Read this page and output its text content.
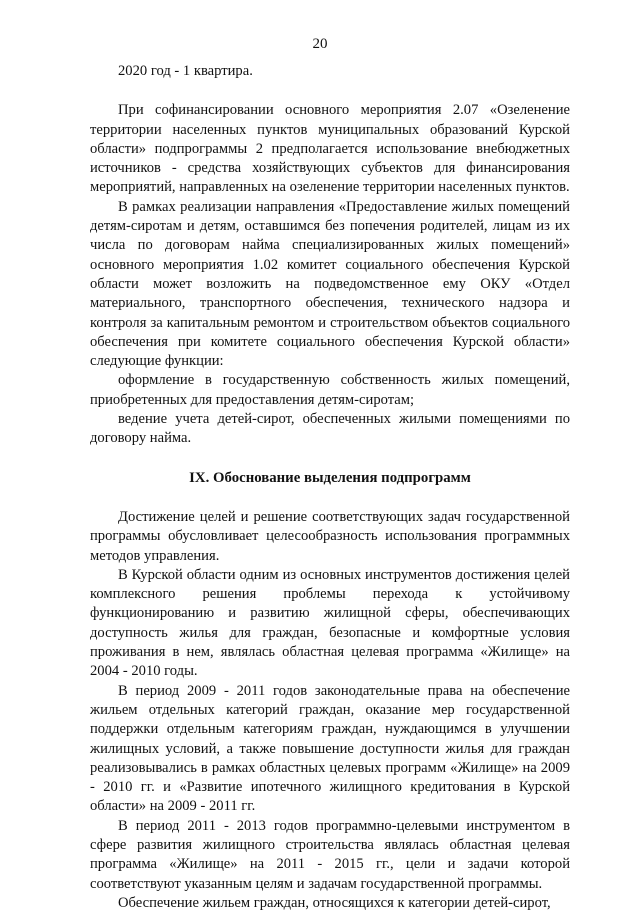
20

2020 год - 1 квартира.

При софинансировании основного мероприятия 2.07 «Озеленение территории населенных пунктов муниципальных образований Курской области» подпрограммы 2 предполагается использование внебюджетных источников - средства хозяйствующих субъектов для финансирования мероприятий, направленных на озеленение территории населенных пунктов.

В рамках реализации направления «Предоставление жилых помещений детям-сиротам и детям, оставшимся без попечения родителей, лицам из их числа по договорам найма специализированных жилых помещений» основного мероприятия 1.02 комитет социального обеспечения Курской области может возложить на подведомственное ему ОКУ «Отдел материального, транспортного обеспечения, технического надзора и контроля за капитальным ремонтом и строительством объектов социального обеспечения при комитете социального обеспечения Курской области» следующие функции:

оформление в государственную собственность жилых помещений, приобретенных для предоставления детям-сиротам;

ведение учета детей-сирот, обеспеченных жилыми помещениями по договору найма.

IX. Обоснование выделения подпрограмм

Достижение целей и решение соответствующих задач государственной программы обусловливает целесообразность использования программных методов управления.

В Курской области одним из основных инструментов достижения целей комплексного решения проблемы перехода к устойчивому функционированию и развитию жилищной сферы, обеспечивающих доступность жилья для граждан, безопасные и комфортные условия проживания в нем, являлась областная целевая программа «Жилище» на 2004 - 2010 годы.

В период 2009 - 2011 годов законодательные права на обеспечение жильем отдельных категорий граждан, оказание мер государственной поддержки отдельным категориям граждан, нуждающимся в улучшении жилищных условий, а также повышение доступности жилья для граждан реализовывались в рамках областных целевых программ «Жилище» на 2009 - 2010 гг. и «Развитие ипотечного жилищного кредитования в Курской области» на 2009 - 2011 гг.

В период 2011 - 2013 годов программно-целевыми инструментом в сфере развития жилищного строительства являлась областная целевая программа «Жилище» на 2011 - 2015 гг., цели и задачи которой соответствуют указанным целям и задачам государственной программы.

Обеспечение жильем граждан, относящихся к категории детей-сирот,
